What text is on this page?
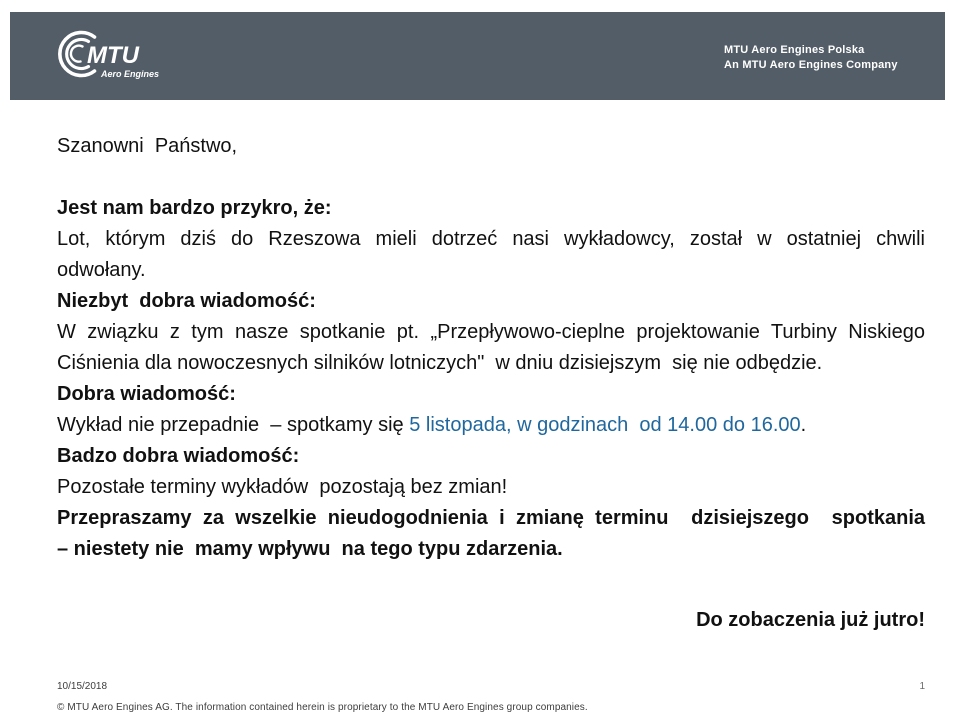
MTU
Aero Engines
MTU Aero Engines Polska
An MTU Aero Engines Company
Szanowni  Państwo,
Jest nam bardzo przykro, że:
Lot, którym dziś do Rzeszowa mieli dotrzeć nasi wykładowcy, został w ostatniej chwili
odwołany.
Niezbyt  dobra wiadomość:
W związku z tym nasze spotkanie pt. „Przepływowo-cieplne projektowanie Turbiny Niskiego
Ciśnienia dla nowoczesnych silników lotniczych"  w dniu dzisiejszym  się nie odbędzie.
Dobra wiadomość:
Wykład nie przepadnie  – spotkamy się 5 listopada, w godzinach  od 14.00 do 16.00.
Badzo dobra wiadomość:
Pozostałe terminy wykładów  pozostają bez zmian!
Przepraszamy za wszelkie nieudogodnienia i zmianę terminu  dzisiejszego  spotkania
– niestety nie  mamy wpływu  na tego typu zdarzenia.
Do zobaczenia już jutro!
10/15/2018	1
© MTU Aero Engines AG. The information contained herein is proprietary to the MTU Aero Engines group companies.
